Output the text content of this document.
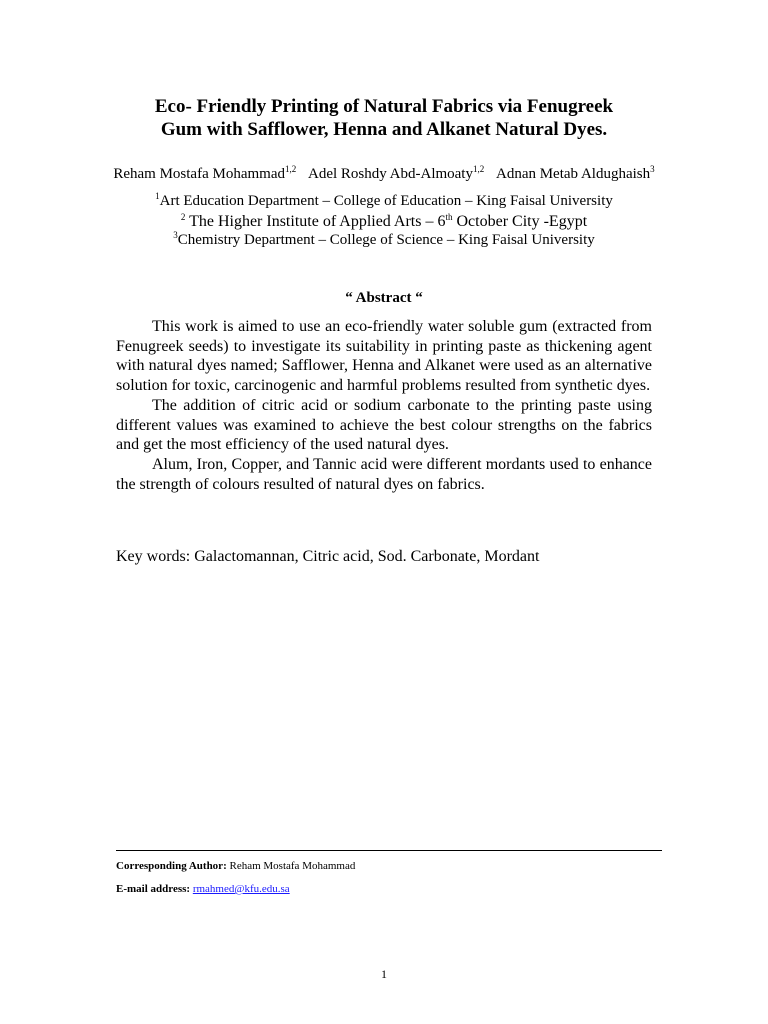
Eco- Friendly Printing of Natural Fabrics via Fenugreek
Gum with Safflower, Henna and Alkanet Natural Dyes.
Reham Mostafa Mohammad$^{1,2}$ Adel Roshdy Abd-Almoaty$^{1,2}$ Adnan Metab Aldughaish$^3$
$^1$Art Education Department – College of Education – King Faisal University
$^2$ The Higher Institute of Applied Arts – 6th October City -Egypt
$^3$Chemistry Department – College of Science – King Faisal University
“ Abstract “

This work is aimed to use an eco-friendly water soluble gum (extracted from Fenugreek seeds) to investigate its suitability in printing paste as thickening agent with natural dyes named; Safflower, Henna and Alkanet were used as an alternative solution for toxic, carcinogenic and harmful problems resulted from synthetic dyes.

The addition of citric acid or sodium carbonate to the printing paste using different values was examined to achieve the best colour strengths on the fabrics and get the most efficiency of the used natural dyes.

Alum, Iron, Copper, and Tannic acid were different mordants used to enhance the strength of colours resulted of natural dyes on fabrics.

Key words: Galactomannan, Citric acid, Sod. Carbonate, Mordant
Corresponding Author: Reham Mostafa Mohammad
E-mail address: rmahmed@kfu.edu.sa
1
